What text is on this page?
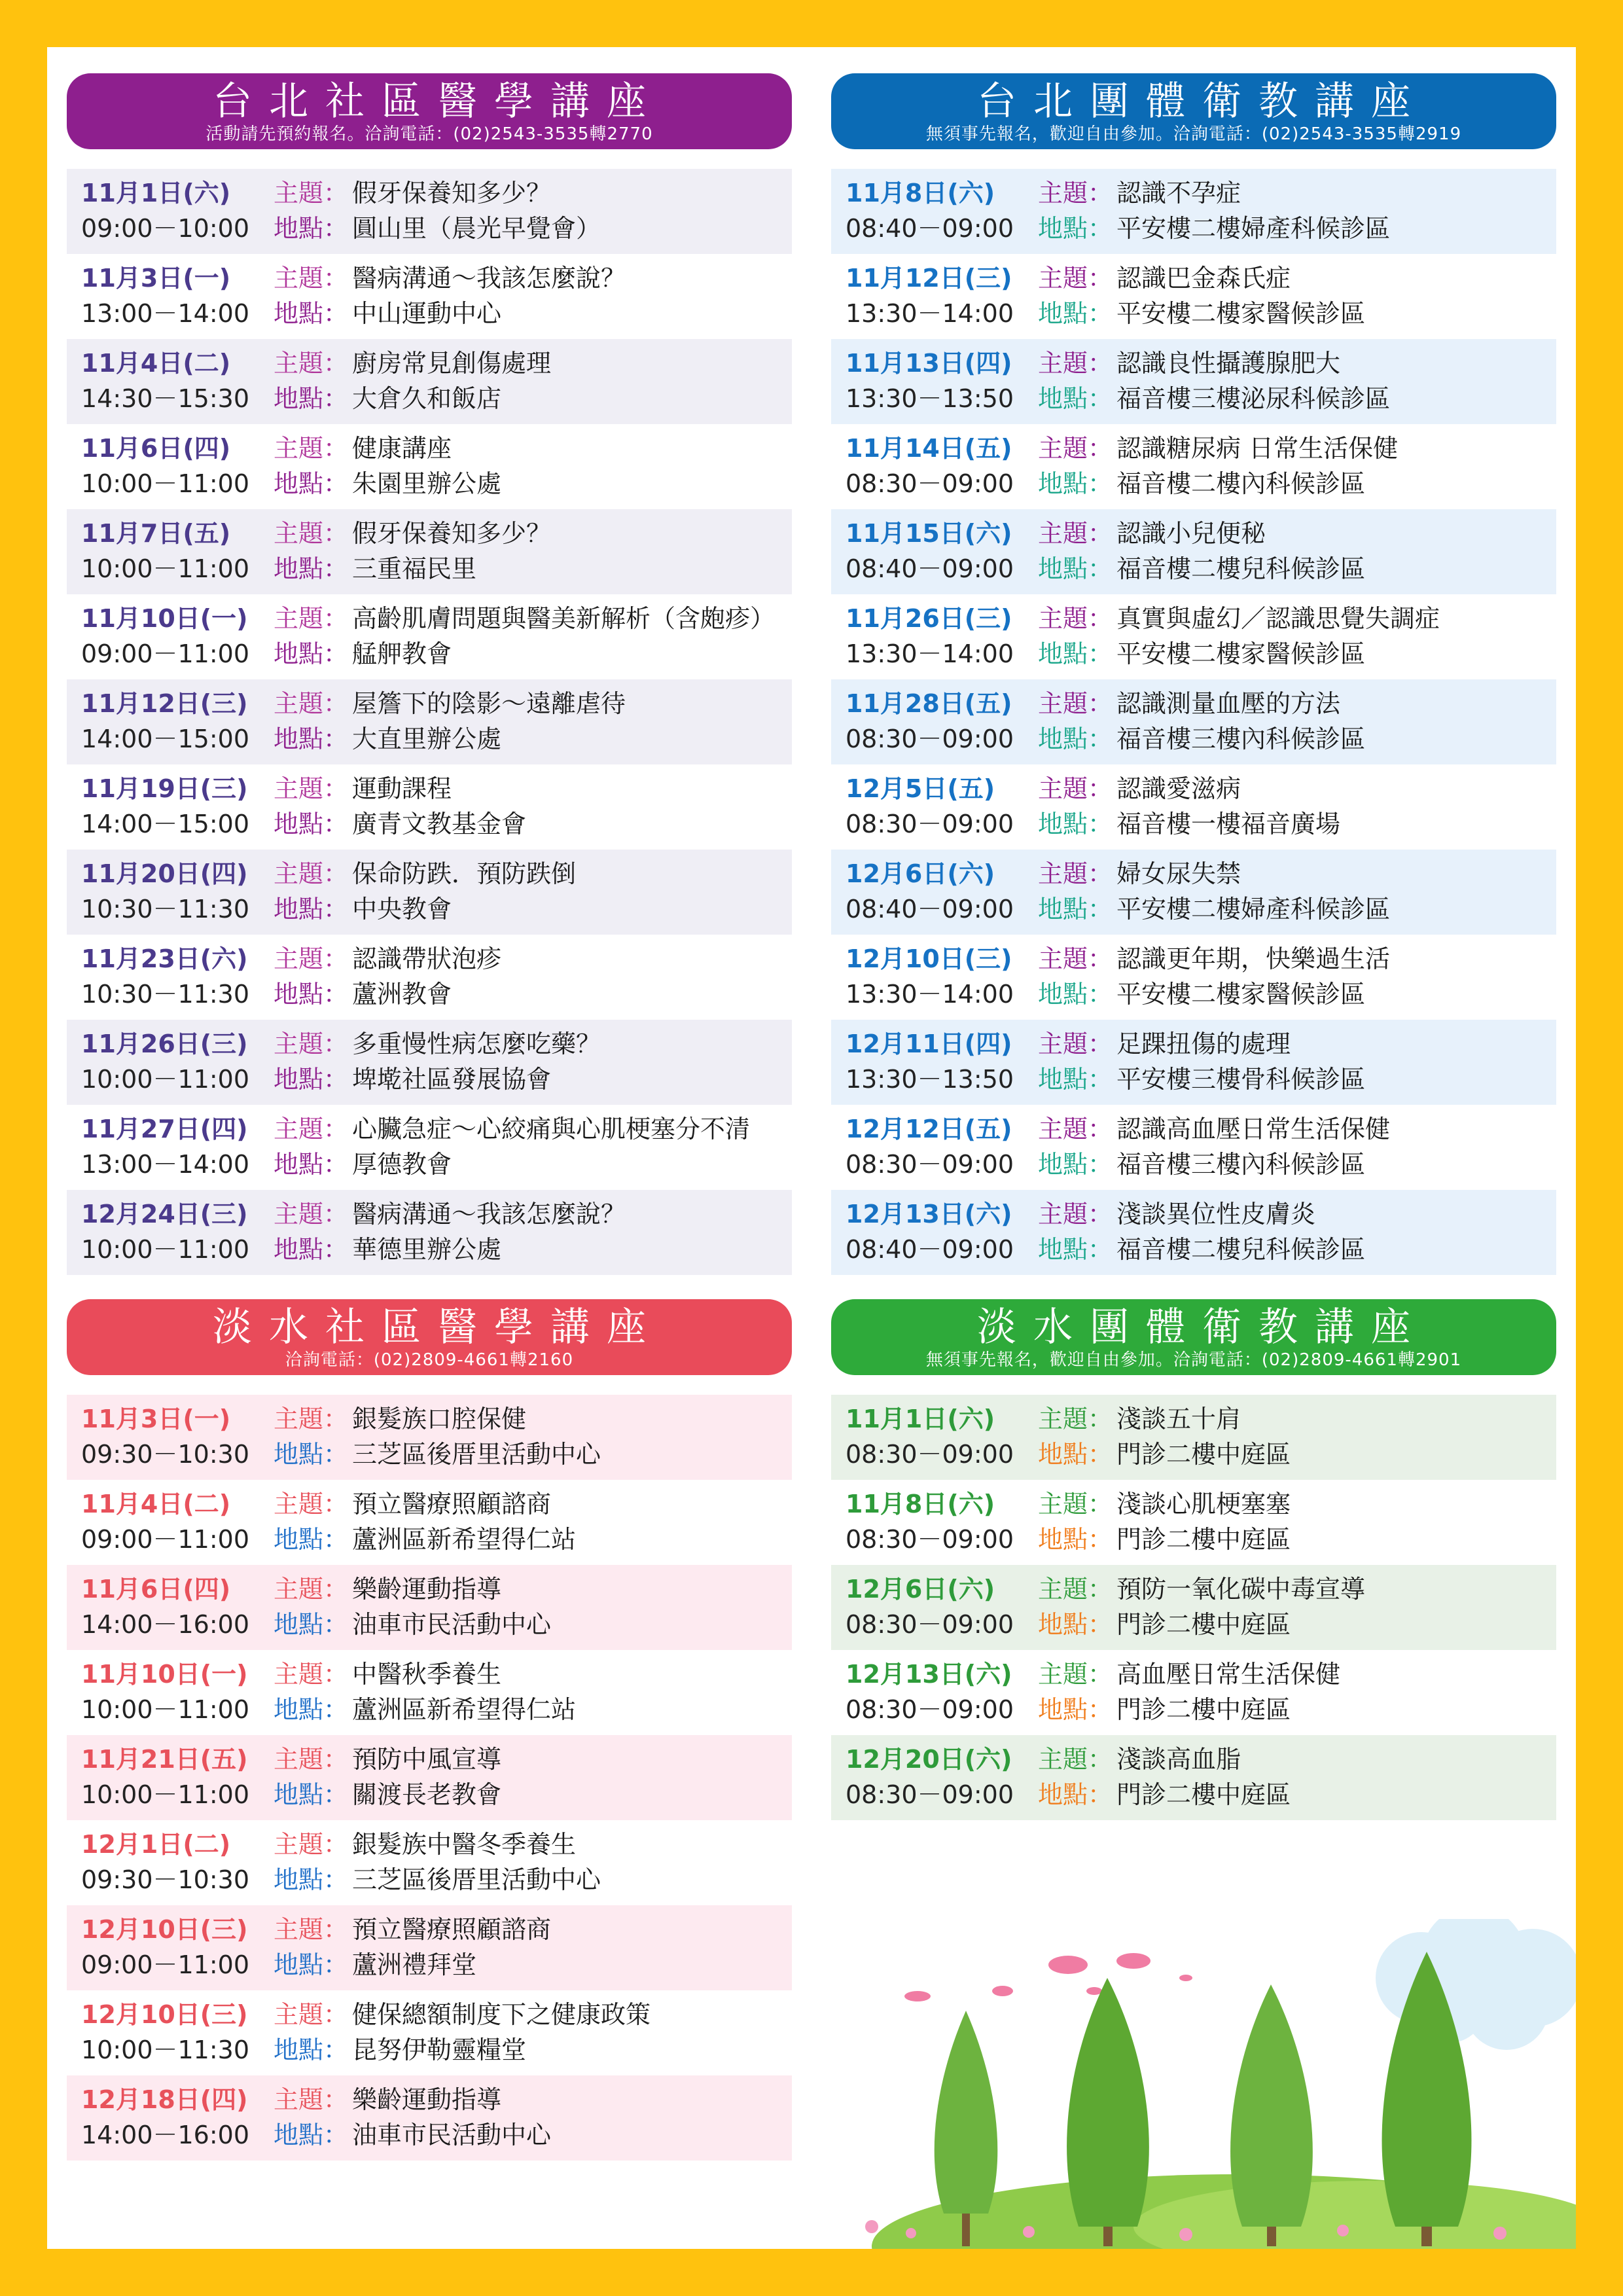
台北社區醫學講座
活動請先預約報名。洽詢電話：(02)2543-3535轉2770
11月1日(六)
09:00－10:00
假牙保養知多少？
圓山里（晨光早覺會）
主題：
地點：
11月3日(一)
13:00－14:00
醫病溝通～我該怎麼說？
中山運動中心
主題：
地點：
11月4日(二)
14:30－15:30
廚房常見創傷處理
大倉久和飯店
主題：
地點：
11月6日(四)
10:00－11:00
健康講座
朱園里辦公處
主題：
地點：
11月7日(五)
10:00－11:00
假牙保養知多少？
三重福民里
主題：
地點：
11月10日(一)
09:00－11:00
高齡肌膚問題與醫美新解析（含皰疹）
艋舺教會
主題：
地點：
11月12日(三)
14:00－15:00
屋簷下的陰影～遠離虐待
大直里辦公處
主題：
地點：
11月19日(三)
14:00－15:00
運動課程
廣青文教基金會
主題：
地點：
11月20日(四)
10:30－11:30
保命防跌．預防跌倒
中央教會
主題：
地點：
11月23日(六)
10:30－11:30
認識帶狀泡疹
蘆洲教會
主題：
地點：
11月26日(三)
10:00－11:00
多重慢性病怎麼吃藥？
埤墘社區發展協會
主題：
地點：
11月27日(四)
13:00－14:00
心臟急症～心絞痛與心肌梗塞分不清
厚德教會
主題：
地點：
12月24日(三)
10:00－11:00
醫病溝通～我該怎麼說？
華德里辦公處
主題：
地點：
台北團體衛教講座
無須事先報名，歡迎自由參加。洽詢電話：(02)2543-3535轉2919
11月8日(六)
08:40－09:00
認識不孕症
平安樓二樓婦產科候診區
主題：
地點：
11月12日(三)
13:30－14:00
認識巴金森氏症
平安樓二樓家醫候診區
主題：
地點：
11月13日(四)
13:30－13:50
認識良性攝護腺肥大
福音樓三樓泌尿科候診區
主題：
地點：
11月14日(五)
08:30－09:00
認識糖尿病 日常生活保健
福音樓二樓內科候診區
主題：
地點：
11月15日(六)
08:40－09:00
認識小兒便秘
福音樓二樓兒科候診區
主題：
地點：
11月26日(三)
13:30－14:00
真實與虛幻／認識思覺失調症
平安樓二樓家醫候診區
主題：
地點：
11月28日(五)
08:30－09:00
認識測量血壓的方法
福音樓三樓內科候診區
主題：
地點：
12月5日(五)
08:30－09:00
認識愛滋病
福音樓一樓福音廣場
主題：
地點：
12月6日(六)
08:40－09:00
婦女尿失禁
平安樓二樓婦產科候診區
主題：
地點：
12月10日(三)
13:30－14:00
認識更年期，快樂過生活
平安樓二樓家醫候診區
主題：
地點：
12月11日(四)
13:30－13:50
足踝扭傷的處理
平安樓三樓骨科候診區
主題：
地點：
12月12日(五)
08:30－09:00
認識高血壓日常生活保健
福音樓三樓內科候診區
主題：
地點：
12月13日(六)
08:40－09:00
淺談異位性皮膚炎
福音樓二樓兒科候診區
主題：
地點：
淡水社區醫學講座
洽詢電話：(02)2809-4661轉2160
11月3日(一)
09:30－10:30
銀髮族口腔保健
三芝區後厝里活動中心
主題：
地點：
11月4日(二)
09:00－11:00
預立醫療照顧諮商
蘆洲區新希望得仁站
主題：
地點：
11月6日(四)
14:00－16:00
樂齡運動指導
油車市民活動中心
主題：
地點：
11月10日(一)
10:00－11:00
中醫秋季養生
蘆洲區新希望得仁站
主題：
地點：
11月21日(五)
10:00－11:00
預防中風宣導
關渡長老教會
主題：
地點：
12月1日(二)
09:30－10:30
銀髮族中醫冬季養生
三芝區後厝里活動中心
主題：
地點：
12月10日(三)
09:00－11:00
預立醫療照顧諮商
蘆洲禮拜堂
主題：
地點：
12月10日(三)
10:00－11:30
健保總額制度下之健康政策
昆努伊勒靈糧堂
主題：
地點：
12月18日(四)
14:00－16:00
樂齡運動指導
油車市民活動中心
主題：
地點：
淡水團體衛教講座
無須事先報名，歡迎自由參加。洽詢電話：(02)2809-4661轉2901
11月1日(六)
08:30－09:00
淺談五十肩
門診二樓中庭區
主題：
地點：
11月8日(六)
08:30－09:00
淺談心肌梗塞塞
門診二樓中庭區
主題：
地點：
12月6日(六)
08:30－09:00
預防一氧化碳中毒宣導
門診二樓中庭區
主題：
地點：
12月13日(六)
08:30－09:00
高血壓日常生活保健
門診二樓中庭區
主題：
地點：
12月20日(六)
08:30－09:00
淺談高血脂
門診二樓中庭區
主題：
地點：
